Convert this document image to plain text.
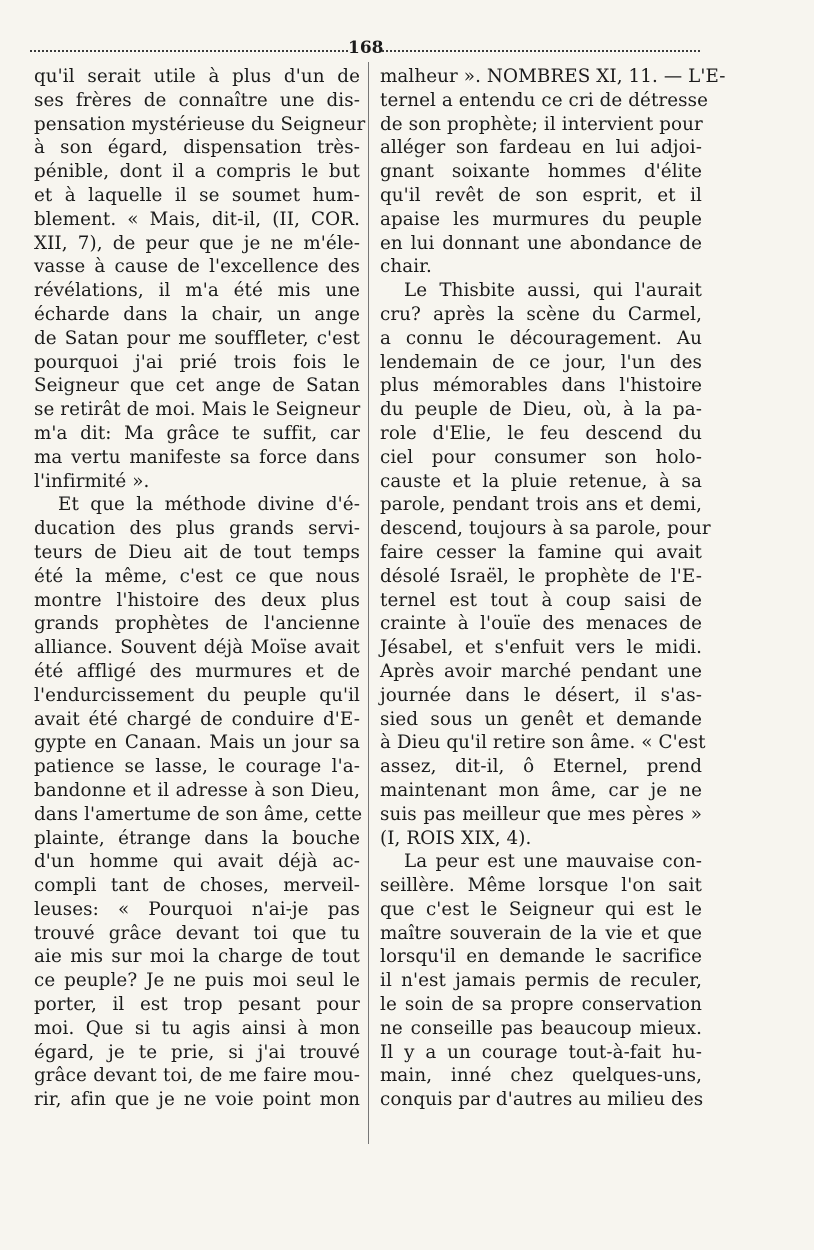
168
qu'il serait utile à plus d'un de
ses frères de connaître une dis-
pensation mystérieuse du Seigneur
à son égard, dispensation très-
pénible, dont il a compris le but
et à laquelle il se soumet hum-
blement. « Mais, dit-il, (II, COR.
XII, 7), de peur que je ne m'éle-
vasse à cause de l'excellence des
révélations, il m'a été mis une
écharde dans la chair, un ange
de Satan pour me souffleter, c'est
pourquoi j'ai prié trois fois le
Seigneur que cet ange de Satan
se retirât de moi. Mais le Seigneur
m'a dit: Ma grâce te suffit, car
ma vertu manifeste sa force dans
l'infirmité ».
Et que la méthode divine d'é-
ducation des plus grands servi-
teurs de Dieu ait de tout temps
été la même, c'est ce que nous
montre l'histoire des deux plus
grands prophètes de l'ancienne
alliance. Souvent déjà Moïse avait
été affligé des murmures et de
l'endurcissement du peuple qu'il
avait été chargé de conduire d'E-
gypte en Canaan. Mais un jour sa
patience se lasse, le courage l'a-
bandonne et il adresse à son Dieu,
dans l'amertume de son âme, cette
plainte, étrange dans la bouche
d'un homme qui avait déjà ac-
compli tant de choses, merveil-
leuses: « Pourquoi n'ai-je pas
trouvé grâce devant toi que tu
aie mis sur moi la charge de tout
ce peuple? Je ne puis moi seul le
porter, il est trop pesant pour
moi. Que si tu agis ainsi à mon
égard, je te prie, si j'ai trouvé
grâce devant toi, de me faire mou-
rir, afin que je ne voie point mon
malheur ». NOMBRES XI, 11. — L'E-
ternel a entendu ce cri de détresse
de son prophète; il intervient pour
alléger son fardeau en lui adjoi-
gnant soixante hommes d'élite
qu'il revêt de son esprit, et il
apaise les murmures du peuple
en lui donnant une abondance de
chair.
Le Thisbite aussi, qui l'aurait
cru? après la scène du Carmel,
a connu le découragement. Au
lendemain de ce jour, l'un des
plus mémorables dans l'histoire
du peuple de Dieu, où, à la pa-
role d'Elie, le feu descend du
ciel pour consumer son holo-
causte et la pluie retenue, à sa
parole, pendant trois ans et demi,
descend, toujours à sa parole, pour
faire cesser la famine qui avait
désolé Israël, le prophète de l'E-
ternel est tout à coup saisi de
crainte à l'ouïe des menaces de
Jésabel, et s'enfuit vers le midi.
Après avoir marché pendant une
journée dans le désert, il s'as-
sied sous un genêt et demande
à Dieu qu'il retire son âme. « C'est
assez, dit-il, ô Eternel, prend
maintenant mon âme, car je ne
suis pas meilleur que mes pères »
(I, ROIS XIX, 4).
La peur est une mauvaise con-
seillère. Même lorsque l'on sait
que c'est le Seigneur qui est le
maître souverain de la vie et que
lorsqu'il en demande le sacrifice
il n'est jamais permis de reculer,
le soin de sa propre conservation
ne conseille pas beaucoup mieux.
Il y a un courage tout-à-fait hu-
main, inné chez quelques-uns,
conquis par d'autres au milieu des
